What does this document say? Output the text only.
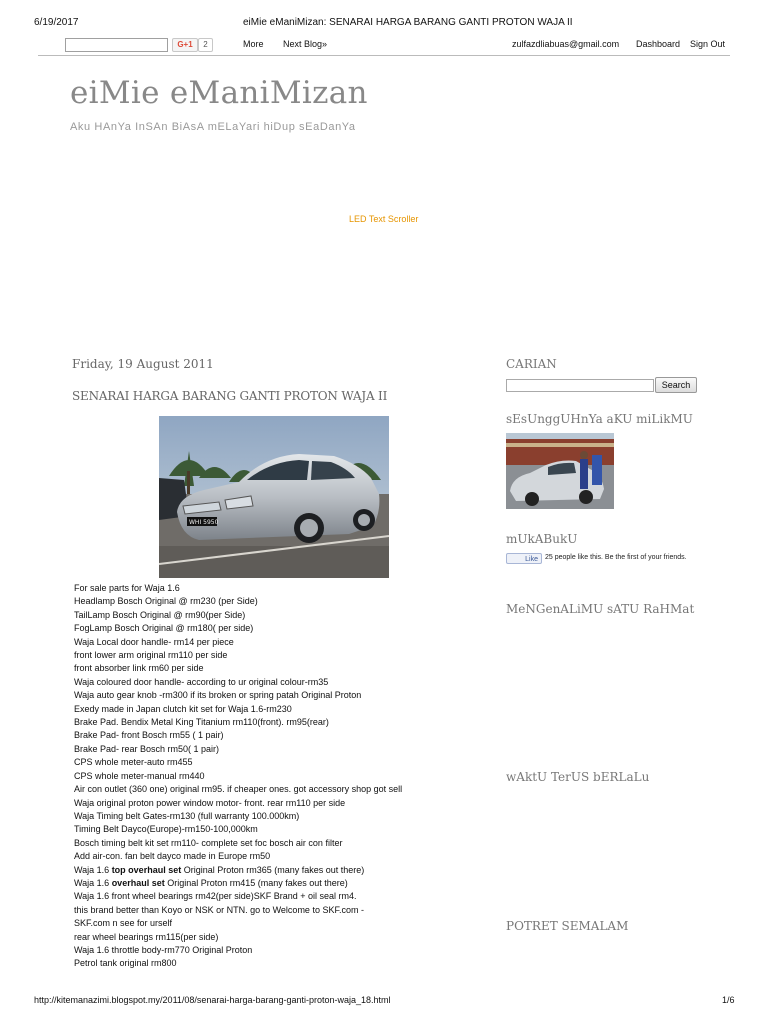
6/19/2017	eiMie eManiMizan: SENARAI HARGA BARANG GANTI PROTON WAJA II
G+1	2	More Next Blog»	zulfazdliabuas@gmail.com Dashboard Sign Out
eiMie eManiMizan
Aku HAnYa InSAn BiAsA mELaYari hiDup sEaDanYa
LED Text Scroller
Friday, 19 August 2011
SENARAI HARGA BARANG GANTI PROTON WAJA II
WHI 5950
For sale parts for Waja 1.6
Headlamp Bosch Original @ rm230 (per Side)
TailLamp Bosch Original @ rm90(per Side)
FogLamp Bosch Original @ rm180( per side)
Waja Local door handle- rm14 per piece
front lower arm original rm110 per side
front absorber link rm60 per side
Waja coloured door handle- according to ur original colour-rm35
Waja auto gear knob -rm300 if its broken or spring patah Original Proton
Exedy made in Japan clutch kit set for Waja 1.6-rm230
Brake Pad. Bendix Metal King Titanium rm110(front). rm95(rear)
Brake Pad- front Bosch rm55 ( 1 pair)
Brake Pad- rear Bosch rm50( 1 pair)
CPS whole meter-auto rm455
CPS whole meter-manual rm440
Air con outlet (360 one) original rm95. if cheaper ones. got accessory shop got sell
Waja original proton power window motor- front. rear rm110 per side
Waja Timing belt Gates-rm130 (full warranty 100.000km)
Timing Belt Dayco(Europe)-rm150-100,000km
Bosch timing belt kit set rm110- complete set foc bosch air con filter
Add air-con. fan belt dayco made in Europe rm50
Waja 1.6 top overhaul set Original Proton rm365 (many fakes out there)
Waja 1.6 overhaul set Original Proton rm415 (many fakes out there)
Waja 1.6 front wheel bearings rm42(per side)SKF Brand + oil seal rm4.
this brand better than Koyo or NSK or NTN. go to Welcome to SKF.com -
SKF.com n see for urself
rear wheel bearings rm115(per side)
Waja 1.6 throttle body-rm770 Original Proton
Petrol tank original rm800
CARIAN
Search
sEsUnggUHnYa aKU miLikMU
mUkABukU
Like	25 people like this. Be the first of your friends.
MeNGenALiMU sATU RaHMat
wAktU TerUS bERLaLu
POTRET SEMALAM
http://kitemanazimi.blogspot.my/2011/08/senarai-harga-barang-ganti-proton-waja_18.html	1/6
